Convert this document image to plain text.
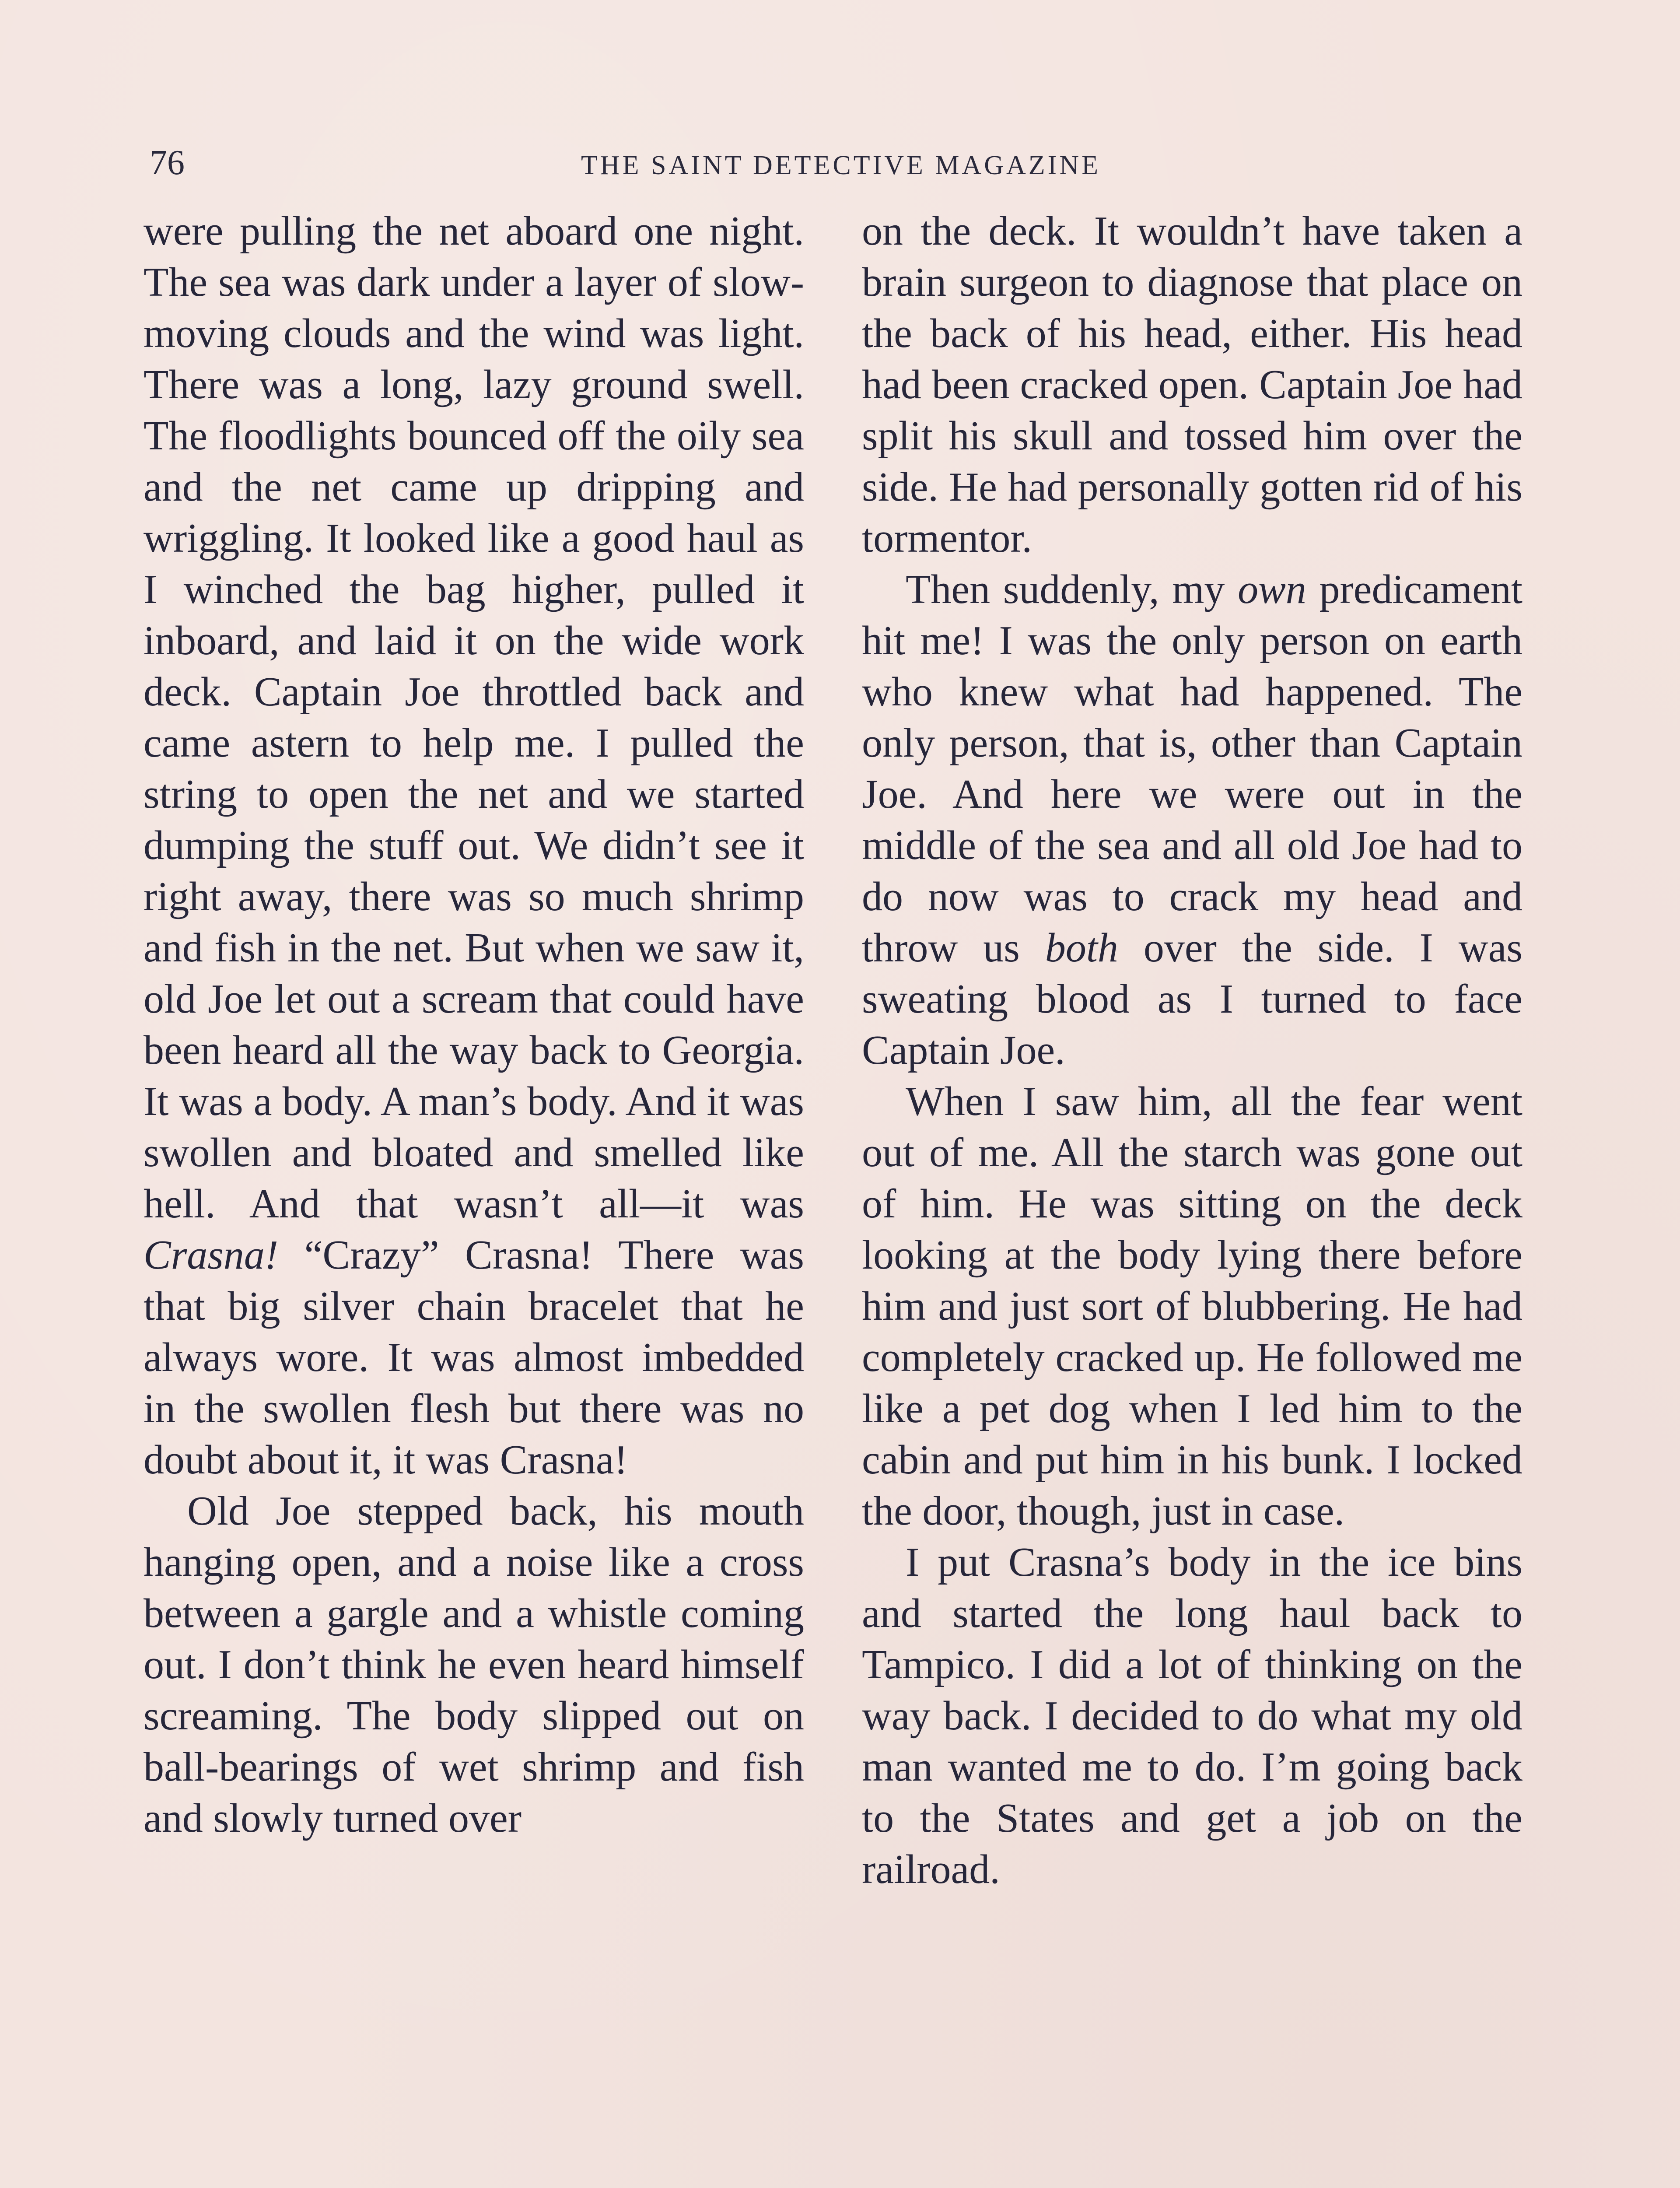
76	THE SAINT DETECTIVE MAGAZINE

were pulling the net aboard one night. The sea was dark under a layer of slow-moving clouds and the wind was light. There was a long, lazy ground swell. The floodlights bounced off the oily sea and the net came up dripping and wriggling. It looked like a good haul as I winched the bag higher, pulled it inboard, and laid it on the wide work deck. Captain Joe throttled back and came astern to help me. I pulled the string to open the net and we started dumping the stuff out. We didn’t see it right away, there was so much shrimp and fish in the net. But when we saw it, old Joe let out a scream that could have been heard all the way back to Georgia. It was a body. A man’s body. And it was swollen and bloated and smelled like hell. And that wasn’t all—it was Crasna! “Crazy” Crasna! There was that big silver chain bracelet that he always wore. It was almost imbedded in the swollen flesh but there was no doubt about it, it was Crasna!

Old Joe stepped back, his mouth hanging open, and a noise like a cross between a gargle and a whistle coming out. I don’t think he even heard himself screaming. The body slipped out on ball-bearings of wet shrimp and fish and slowly turned over

on the deck. It wouldn’t have taken a brain surgeon to diagnose that place on the back of his head, either. His head had been cracked open. Captain Joe had split his skull and tossed him over the side. He had personally gotten rid of his tormentor.

Then suddenly, my own predicament hit me! I was the only person on earth who knew what had happened. The only person, that is, other than Captain Joe. And here we were out in the middle of the sea and all old Joe had to do now was to crack my head and throw us both over the side. I was sweating blood as I turned to face Captain Joe.

When I saw him, all the fear went out of me. All the starch was gone out of him. He was sitting on the deck looking at the body lying there before him and just sort of blubbering. He had completely cracked up. He followed me like a pet dog when I led him to the cabin and put him in his bunk. I locked the door, though, just in case.

I put Crasna’s body in the ice bins and started the long haul back to Tampico. I did a lot of thinking on the way back. I decided to do what my old man wanted me to do. I’m going back to the States and get a job on the railroad.
